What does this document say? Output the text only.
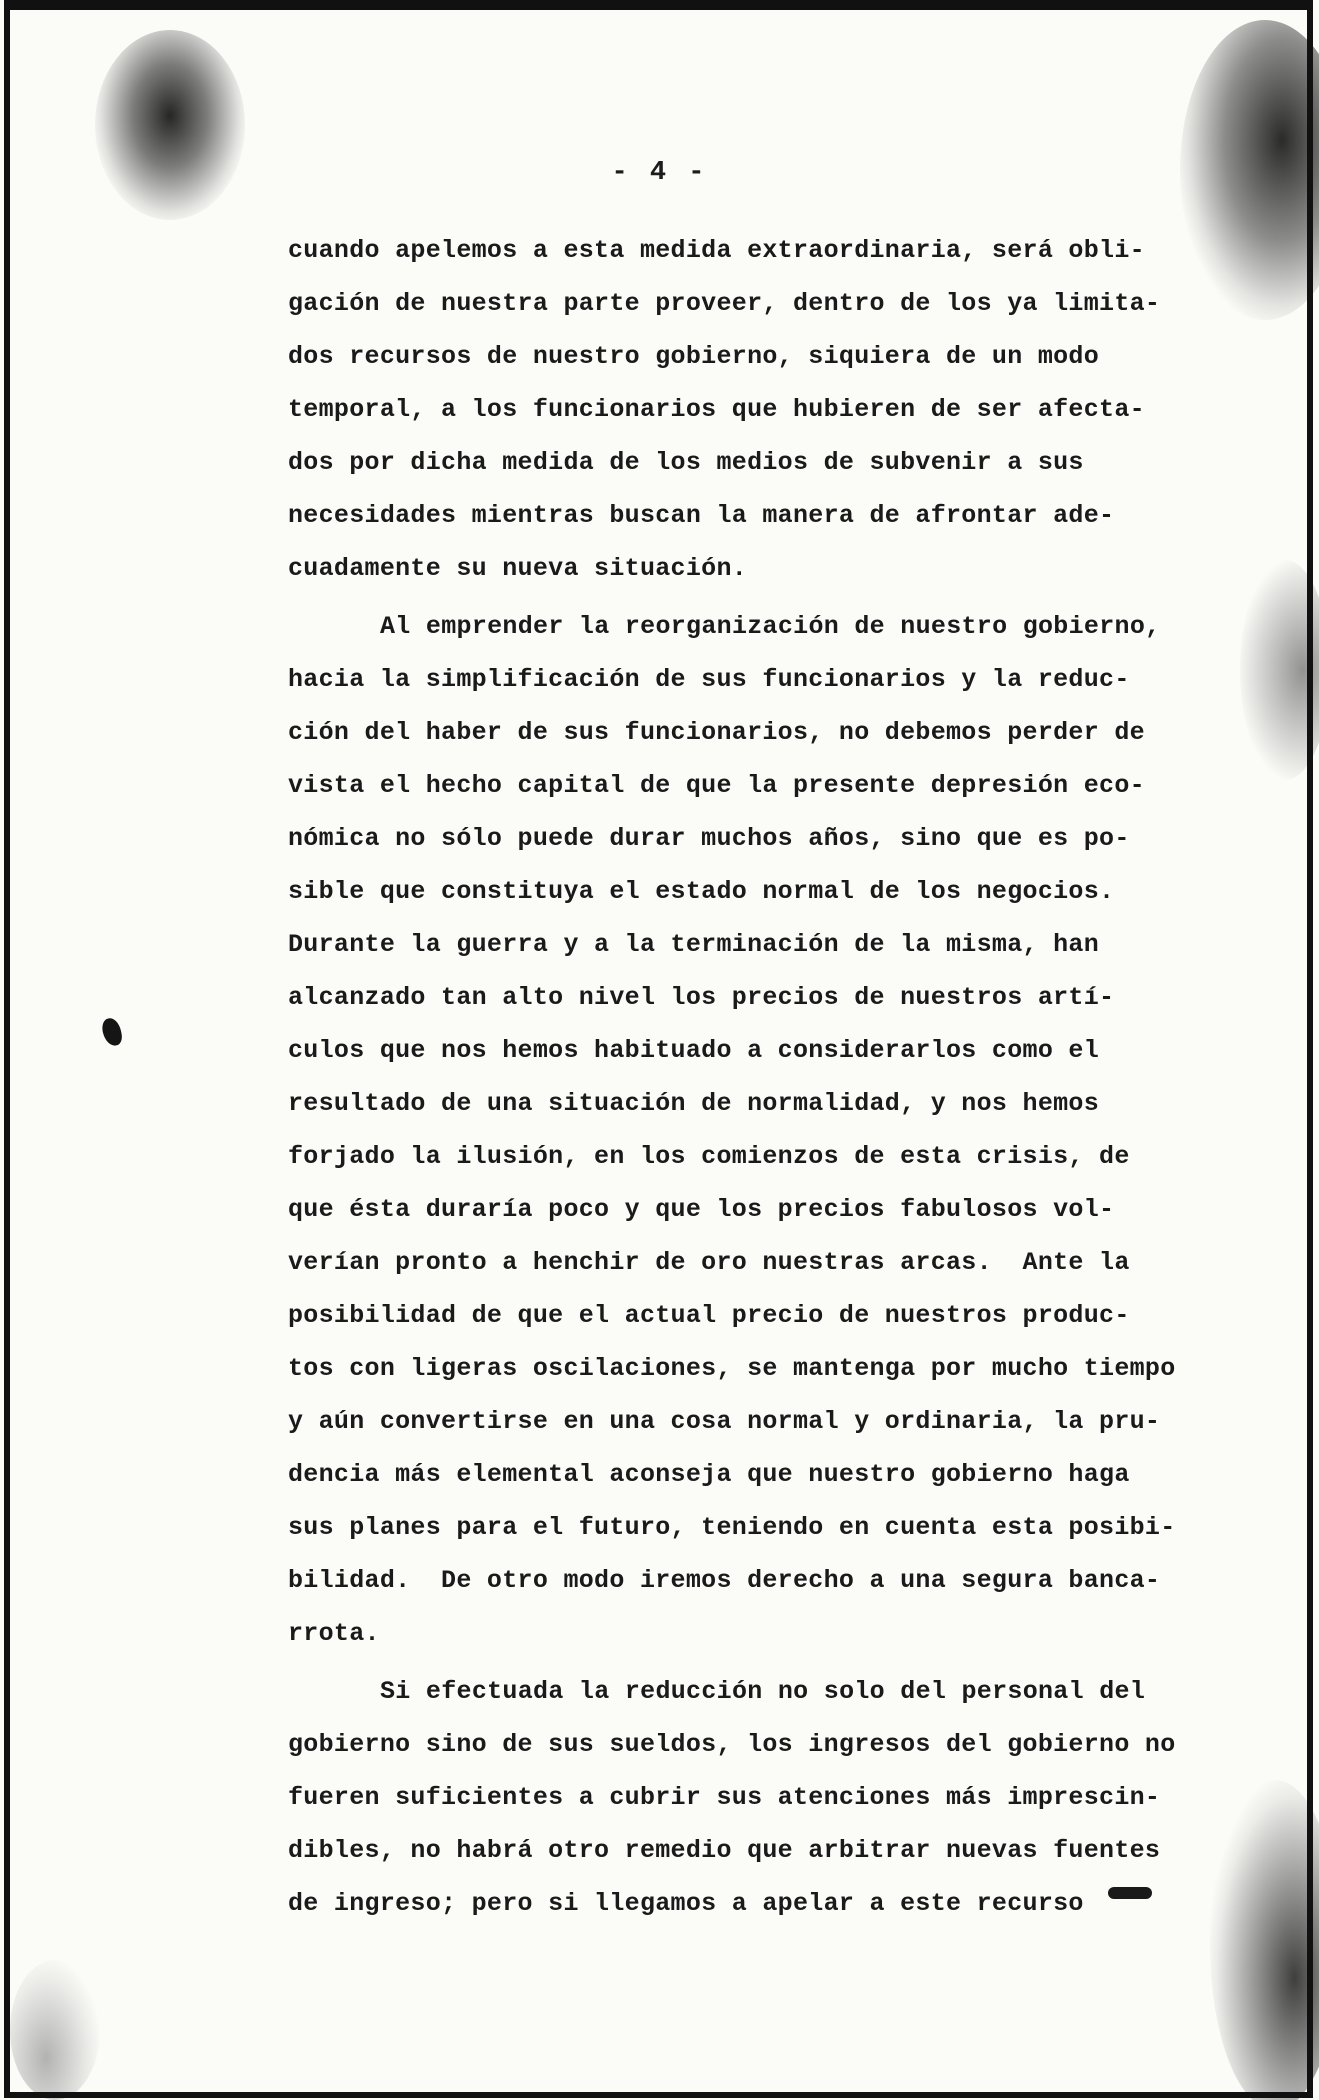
- 4 -
cuando apelemos a esta medida extraordinaria, será obli-
gación de nuestra parte proveer, dentro de los ya limita-
dos recursos de nuestro gobierno, siquiera de un modo
temporal, a los funcionarios que hubieren de ser afecta-
dos por dicha medida de los medios de subvenir a sus
necesidades mientras buscan la manera de afrontar ade-
cuadamente su nueva situación.
Al emprender la reorganización de nuestro gobierno,
hacia la simplificación de sus funcionarios y la reduc-
ción del haber de sus funcionarios, no debemos perder de
vista el hecho capital de que la presente depresión eco-
nómica no sólo puede durar muchos años, sino que es po-
sible que constituya el estado normal de los negocios.
Durante la guerra y a la terminación de la misma, han
alcanzado tan alto nivel los precios de nuestros artí-
culos que nos hemos habituado a considerarlos como el
resultado de una situación de normalidad, y nos hemos
forjado la ilusión, en los comienzos de esta crisis, de
que ésta duraría poco y que los precios fabulosos vol-
verían pronto a henchir de oro nuestras arcas.  Ante la
posibilidad de que el actual precio de nuestros produc-
tos con ligeras oscilaciones, se mantenga por mucho tiempo
y aún convertirse en una cosa normal y ordinaria, la pru-
dencia más elemental aconseja que nuestro gobierno haga
sus planes para el futuro, teniendo en cuenta esta posibi-
bilidad.  De otro modo iremos derecho a una segura banca-
rrota.
Si efectuada la reducción no solo del personal del
gobierno sino de sus sueldos, los ingresos del gobierno no
fueren suficientes a cubrir sus atenciones más imprescin-
dibles, no habrá otro remedio que arbitrar nuevas fuentes
de ingreso; pero si llegamos a apelar a este recurso
